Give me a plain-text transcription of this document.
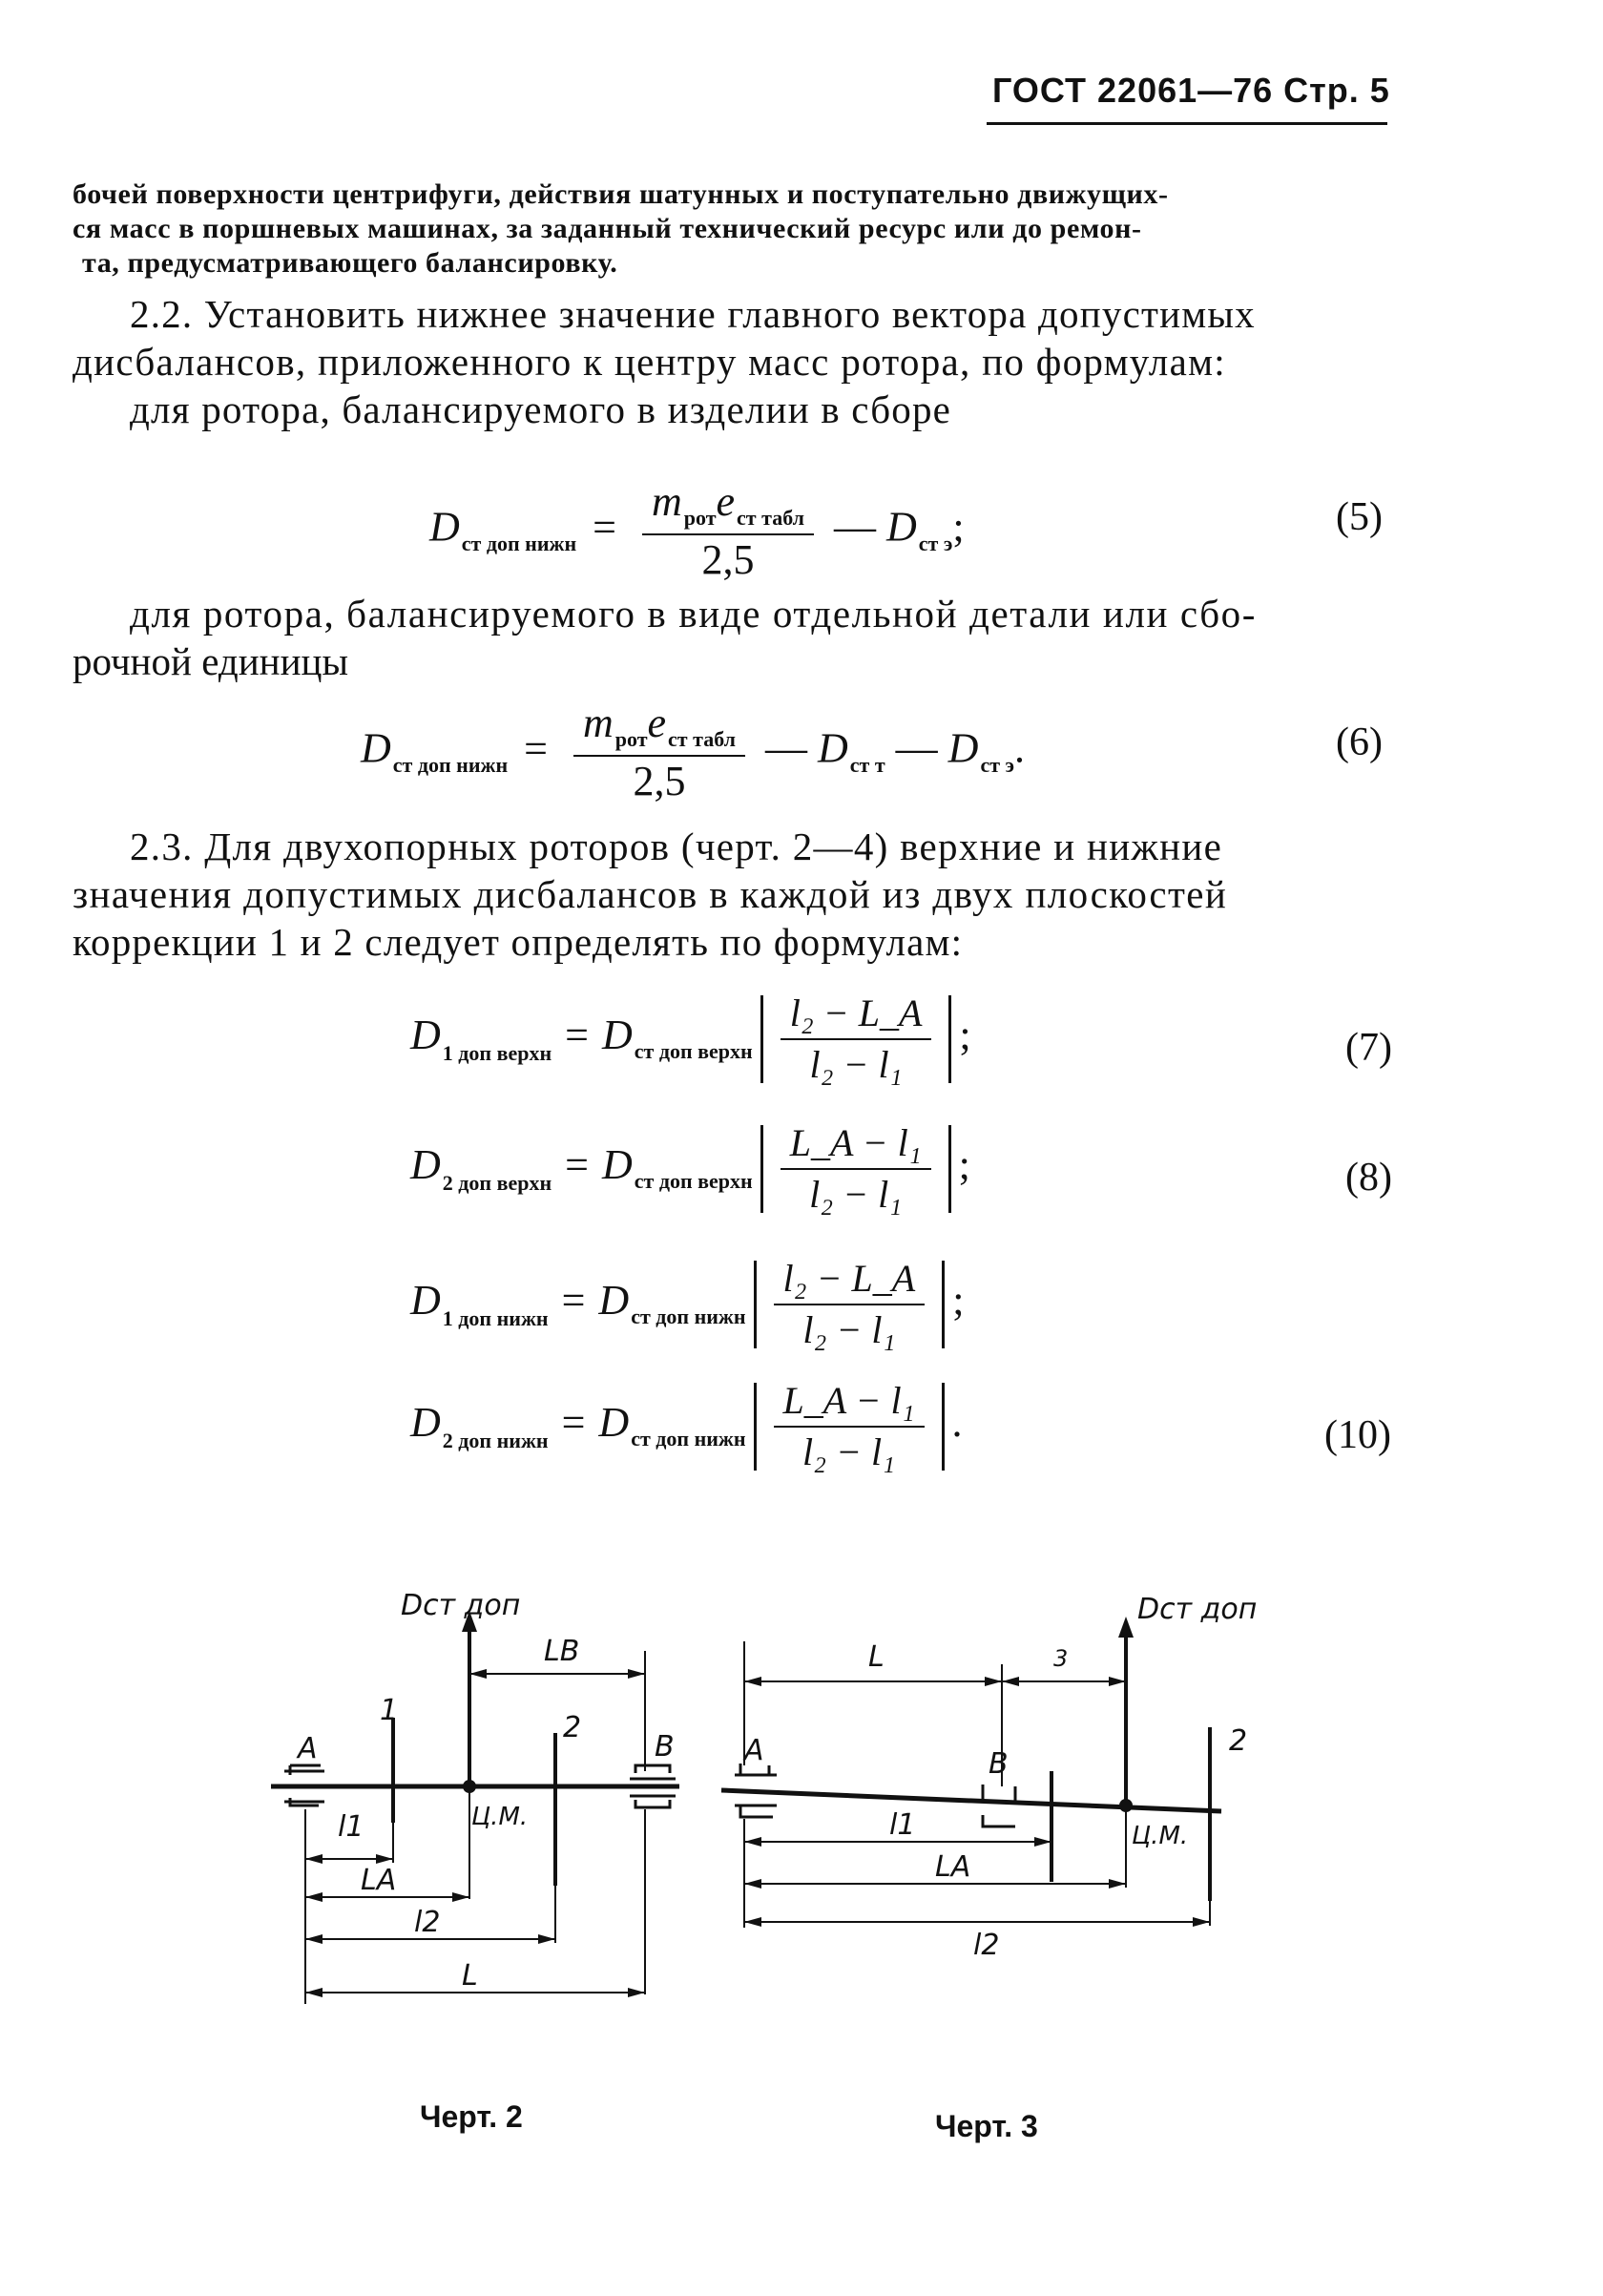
ГОСТ 22061—76 Стр. 5
бочей поверхности центрифуги, действия шатунных и поступательно движущих-
ся масс в поршневых машинах, за заданный технический ресурс или до ремон-
та, предусматривающего балансировку.
2.2. Установить нижнее значение главного вектора допустимых
дисбалансов, приложенного к центру масс ротора, по формулам:
для ротора, балансируемого в изделии в сборе
$D_{ст доп нижн} = \frac{m_{рот}e_{ст табл}}{2,5}$ — $D_{ст э}$;	(5)
для ротора, балансируемого в виде отдельной детали или сбо-
рочной единицы
$D_{ст доп нижн} = \frac{m_{рот}e_{ст табл}}{2,5}$ — $D_{ст т}$ — $D_{ст э}$.	(6)
2.3. Для двухопорных роторов (черт. 2—4) верхние и нижние
значения допустимых дисбалансов в каждой из двух плоскостей
коррекции 1 и 2 следует определять по формулам:
$D_{1 доп верхн} = D_{ст доп верхн} \frac{\text{l₂ − L\_A}}{\text{l₂ − l₁}}$ ;	(7)
$D_{2 доп верхн} = D_{ст доп верхн} \frac{\text{L\_A − l₁}}{\text{l₂ − l₁}}$ ;	(8)
$D_{1 доп нижн} = D_{ст доп нижн} \frac{\text{l₂ − L\_A}}{\text{l₂ − l₁}}$ ;
$D_{2 доп нижн} = D_{ст доп нижн} \frac{\text{L\_A − l₁}}{\text{l₂ − l₁}}$ .	(10)
Dст доп
LB
A
1
2
B
Ц.М.
l1
LA
l2
L
Черт. 2
Dст доп
L	3
A	B
2
Ц.М.
l1
LA
l2
Черт. 3
